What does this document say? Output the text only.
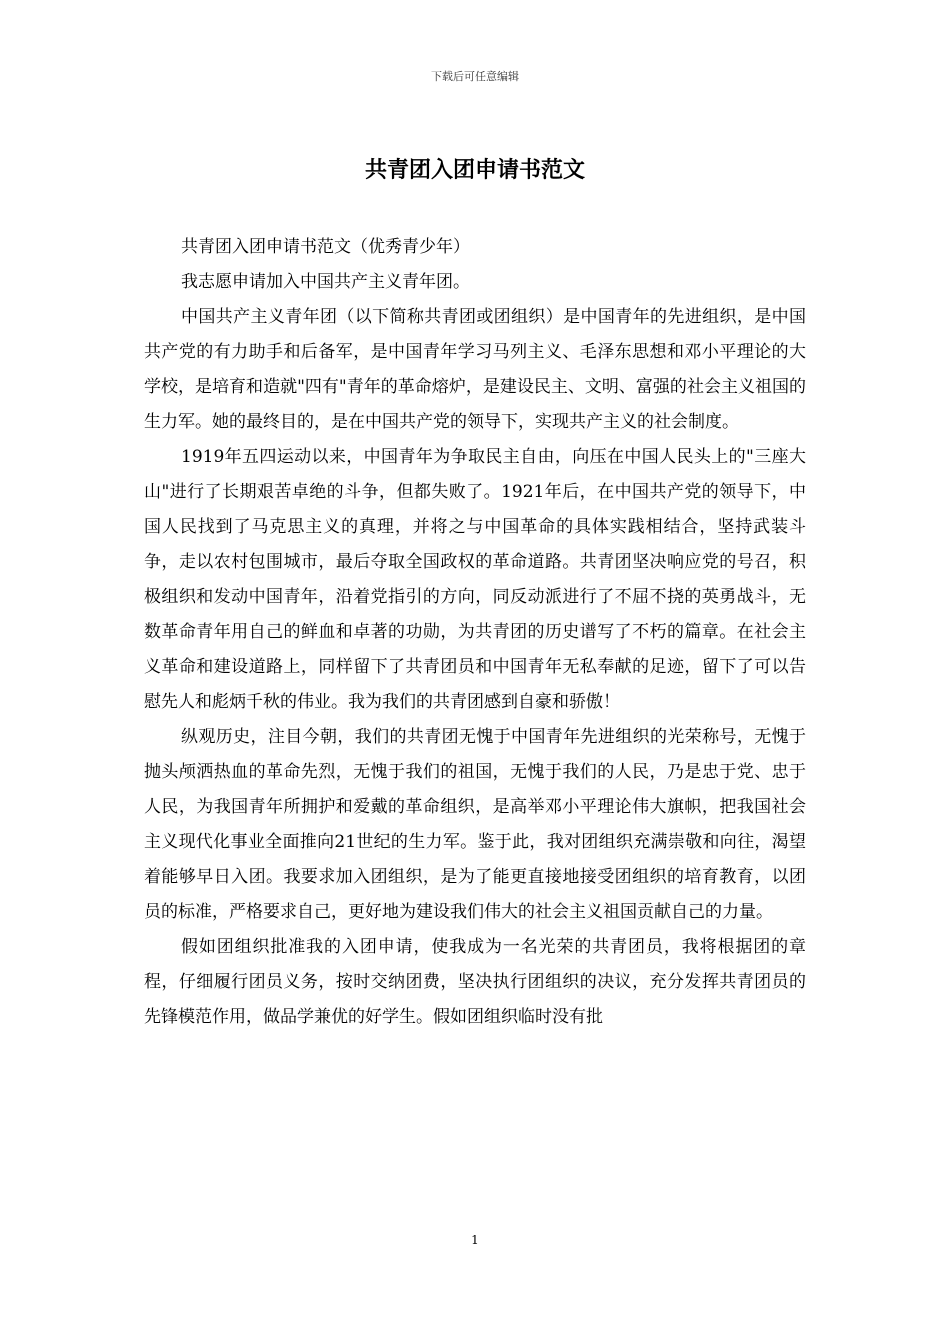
下载后可任意编辑
共青团入团申请书范文

共青团入团申请书范文（优秀青少年）

我志愿申请加入中国共产主义青年团。

中国共产主义青年团（以下简称共青团或团组织）是中国青年的先进组织，是中国共产党的有力助手和后备军，是中国青年学习马列主义、毛泽东思想和邓小平理论的大学校，是培育和造就"四有"青年的革命熔炉，是建设民主、文明、富强的社会主义祖国的生力军。她的最终目的，是在中国共产党的领导下，实现共产主义的社会制度。

1919年五四运动以来，中国青年为争取民主自由，向压在中国人民头上的"三座大山"进行了长期艰苦卓绝的斗争，但都失败了。1921年后，在中国共产党的领导下，中国人民找到了马克思主义的真理，并将之与中国革命的具体实践相结合，坚持武装斗争，走以农村包围城市，最后夺取全国政权的革命道路。共青团坚决响应党的号召，积极组织和发动中国青年，沿着党指引的方向，同反动派进行了不屈不挠的英勇战斗，无数革命青年用自己的鲜血和卓著的功勋，为共青团的历史谱写了不朽的篇章。在社会主义革命和建设道路上，同样留下了共青团员和中国青年无私奉献的足迹，留下了可以告慰先人和彪炳千秋的伟业。我为我们的共青团感到自豪和骄傲！

纵观历史，注目今朝，我们的共青团无愧于中国青年先进组织的光荣称号，无愧于抛头颅洒热血的革命先烈，无愧于我们的祖国，无愧于我们的人民，乃是忠于党、忠于人民，为我国青年所拥护和爱戴的革命组织，是高举邓小平理论伟大旗帜，把我国社会主义现代化事业全面推向21世纪的生力军。鉴于此，我对团组织充满崇敬和向往，渴望着能够早日入团。我要求加入团组织，是为了能更直接地接受团组织的培育教育，以团员的标准，严格要求自己，更好地为建设我们伟大的社会主义祖国贡献自己的力量。

假如团组织批准我的入团申请，使我成为一名光荣的共青团员，我将根据团的章程，仔细履行团员义务，按时交纳团费，坚决执行团组织的决议，充分发挥共青团员的先锋模范作用，做品学兼优的好学生。假如团组织临时没有批

1
